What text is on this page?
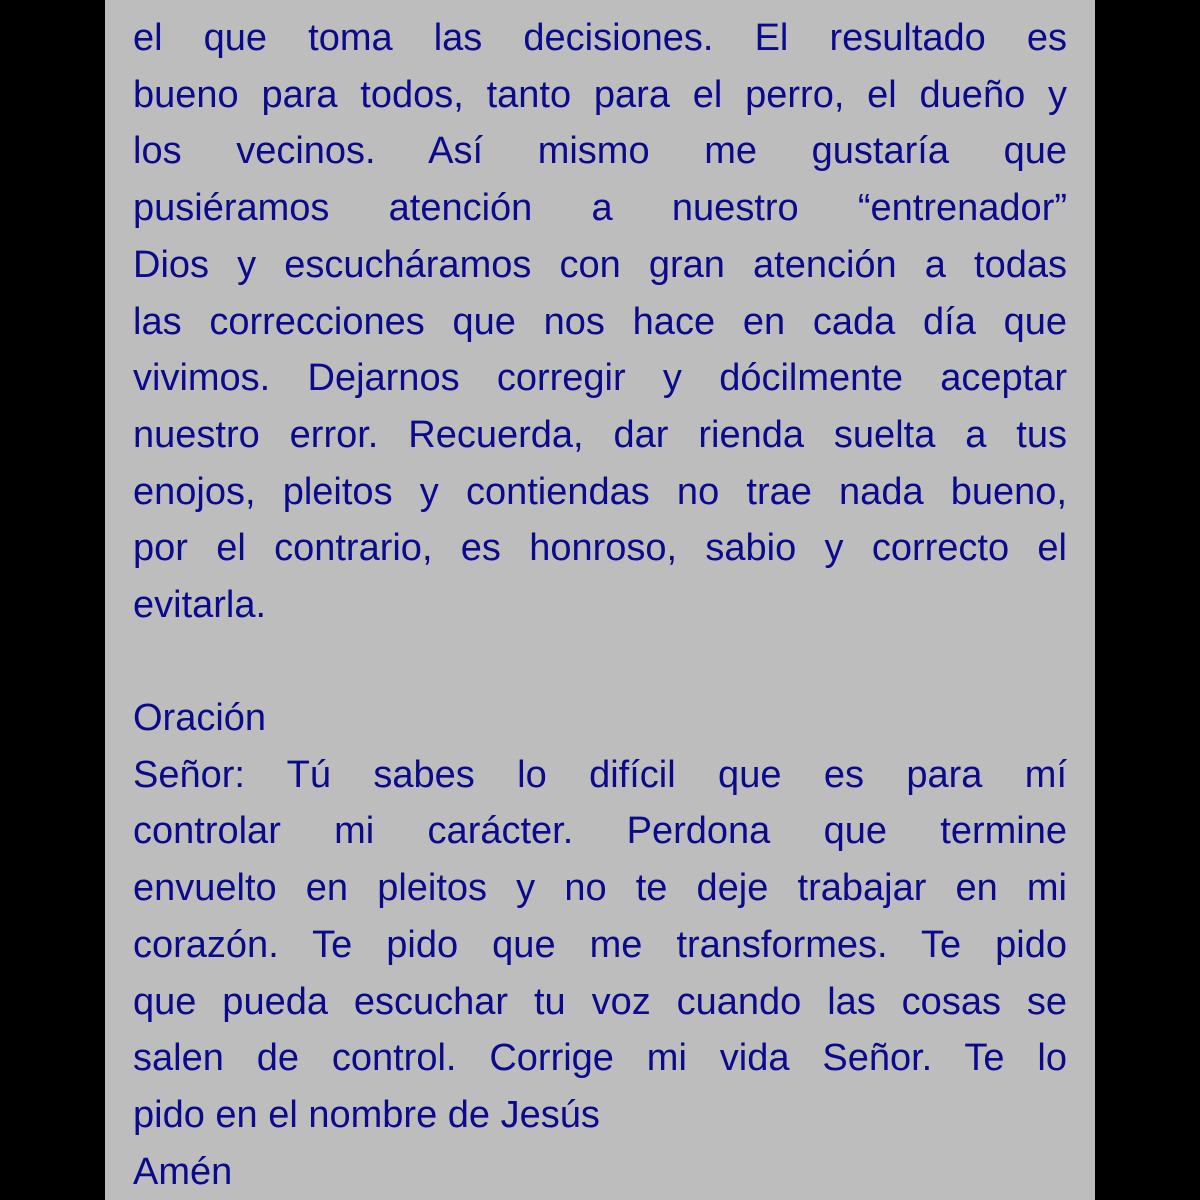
el que toma las decisiones. El resultado es
bueno para todos, tanto para el perro, el dueño y
los vecinos. Así mismo me gustaría que
pusiéramos atención a nuestro “entrenador”
Dios y escucháramos con gran atención a todas
las correcciones que nos hace en cada día que
vivimos. Dejarnos corregir y dócilmente aceptar
nuestro error. Recuerda, dar rienda suelta a tus
enojos, pleitos y contiendas no trae nada bueno,
por el contrario, es honroso, sabio y correcto el
evitarla.
Oración
Señor: Tú sabes lo difícil que es para mí
controlar mi carácter. Perdona que termine
envuelto en pleitos y no te deje trabajar en mi
corazón. Te pido que me transformes. Te pido
que pueda escuchar tu voz cuando las cosas se
salen de control. Corrige mi vida Señor. Te lo
pido en el nombre de Jesús
Amén
